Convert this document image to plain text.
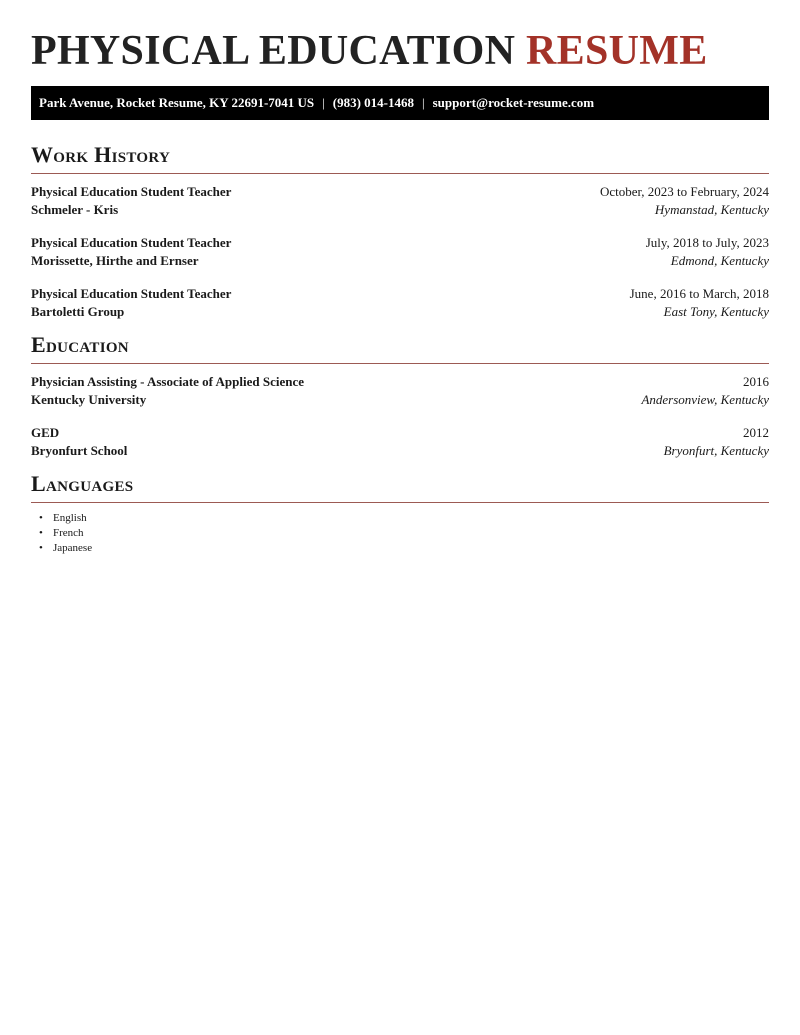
PHYSICAL EDUCATION RESUME
Park Avenue, Rocket Resume, KY 22691-7041 US | (983) 014-1468 | support@rocket-resume.com
Work History
Physical Education Student Teacher	October, 2023 to February, 2024
Schmeler - Kris	Hymanstad, Kentucky
Physical Education Student Teacher	July, 2018 to July, 2023
Morissette, Hirthe and Ernser	Edmond, Kentucky
Physical Education Student Teacher	June, 2016 to March, 2018
Bartoletti Group	East Tony, Kentucky
Education
Physician Assisting - Associate of Applied Science	2016
Kentucky University	Andersonview, Kentucky
GED	2012
Bryonfurt School	Bryonfurt, Kentucky
Languages
• English
• French
• Japanese
